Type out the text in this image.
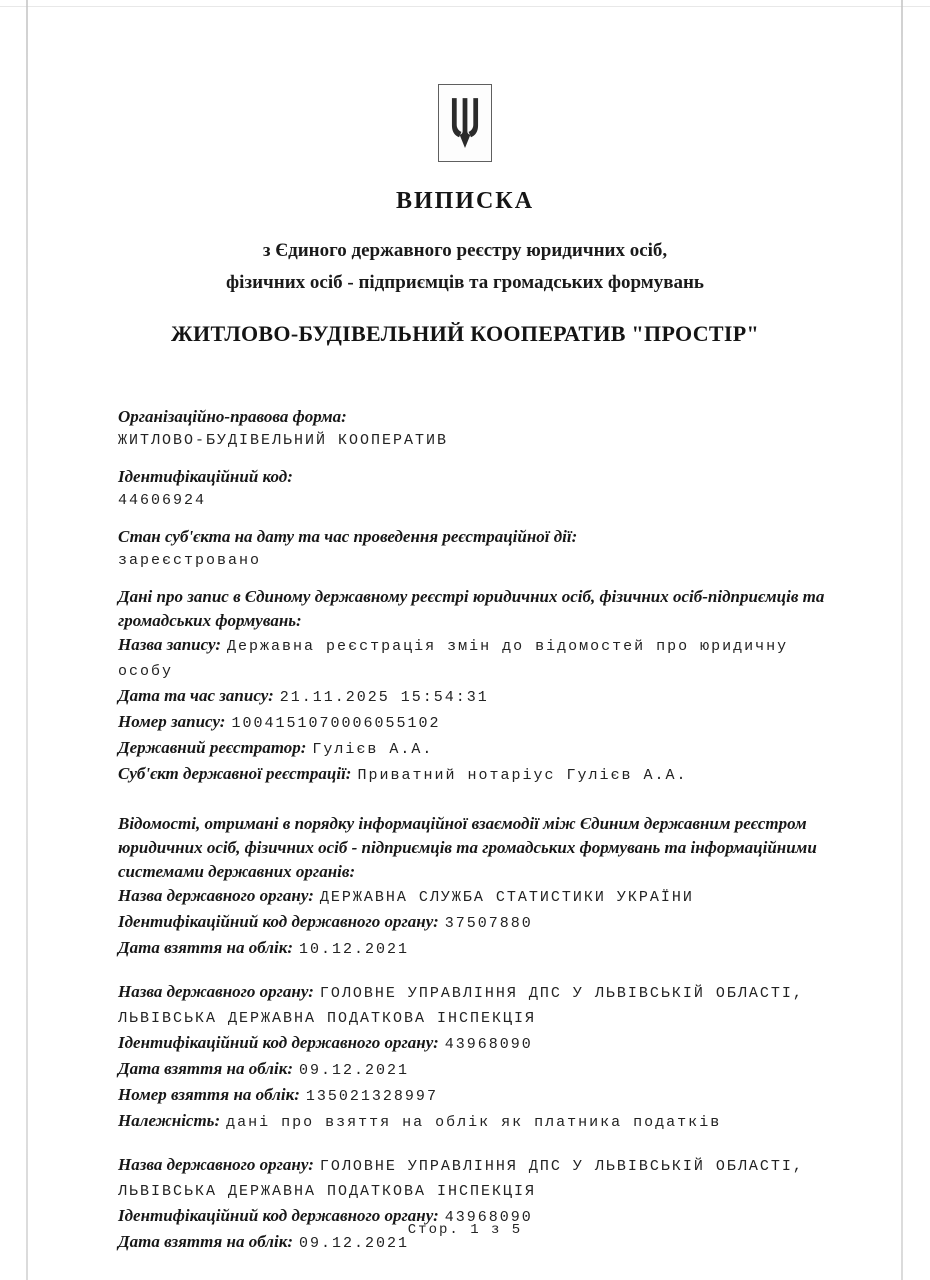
ВИПИСКА

з Єдиного державного реєстру юридичних осіб,
фізичних осіб - підприємців та громадських формувань

ЖИТЛОВО-БУДІВЕЛЬНИЙ КООПЕРАТИВ "ПРОСТІР"
Організаційно-правова форма:
ЖИТЛОВО-БУДІВЕЛЬНИЙ КООПЕРАТИВ
Ідентифікаційний код:
44606924
Стан суб'єкта на дату та час проведення реєстраційної дії:
зареєстровано

Дані про запис в Єдиному державному реєстрі юридичних осіб, фізичних осіб-підприємців та громадських формувань:

Назва запису: Державна реєстрація змін до відомостей про юридичну особу

Дата та час запису: 21.11.2025 15:54:31

Номер запису: 1004151070006055102

Державний реєстратор: Гулієв А.А.

Суб'єкт державної реєстрації: Приватний нотаріус Гулієв А.А.

Відомості, отримані в порядку інформаційної взаємодії між Єдиним державним реєстром юридичних осіб, фізичних осіб - підприємців та громадських формувань та інформаційними системами державних органів:

Назва державного органу: ДЕРЖАВНА СЛУЖБА СТАТИСТИКИ УКРАЇНИ

Ідентифікаційний код державного органу: 37507880

Дата взяття на облік: 10.12.2021

Назва державного органу: ГОЛОВНЕ УПРАВЛІННЯ ДПС У ЛЬВІВСЬКІЙ ОБЛАСТІ, ЛЬВІВСЬКА ДЕРЖАВНА ПОДАТКОВА ІНСПЕКЦІЯ

Ідентифікаційний код державного органу: 43968090

Дата взяття на облік: 09.12.2021

Номер взяття на облік: 135021328997

Належність: дані про взяття на облік як платника податків

Назва державного органу: ГОЛОВНЕ УПРАВЛІННЯ ДПС У ЛЬВІВСЬКІЙ ОБЛАСТІ, ЛЬВІВСЬКА ДЕРЖАВНА ПОДАТКОВА ІНСПЕКЦІЯ

Ідентифікаційний код державного органу: 43968090

Дата взяття на облік: 09.12.2021

Стор. 1 з 5
